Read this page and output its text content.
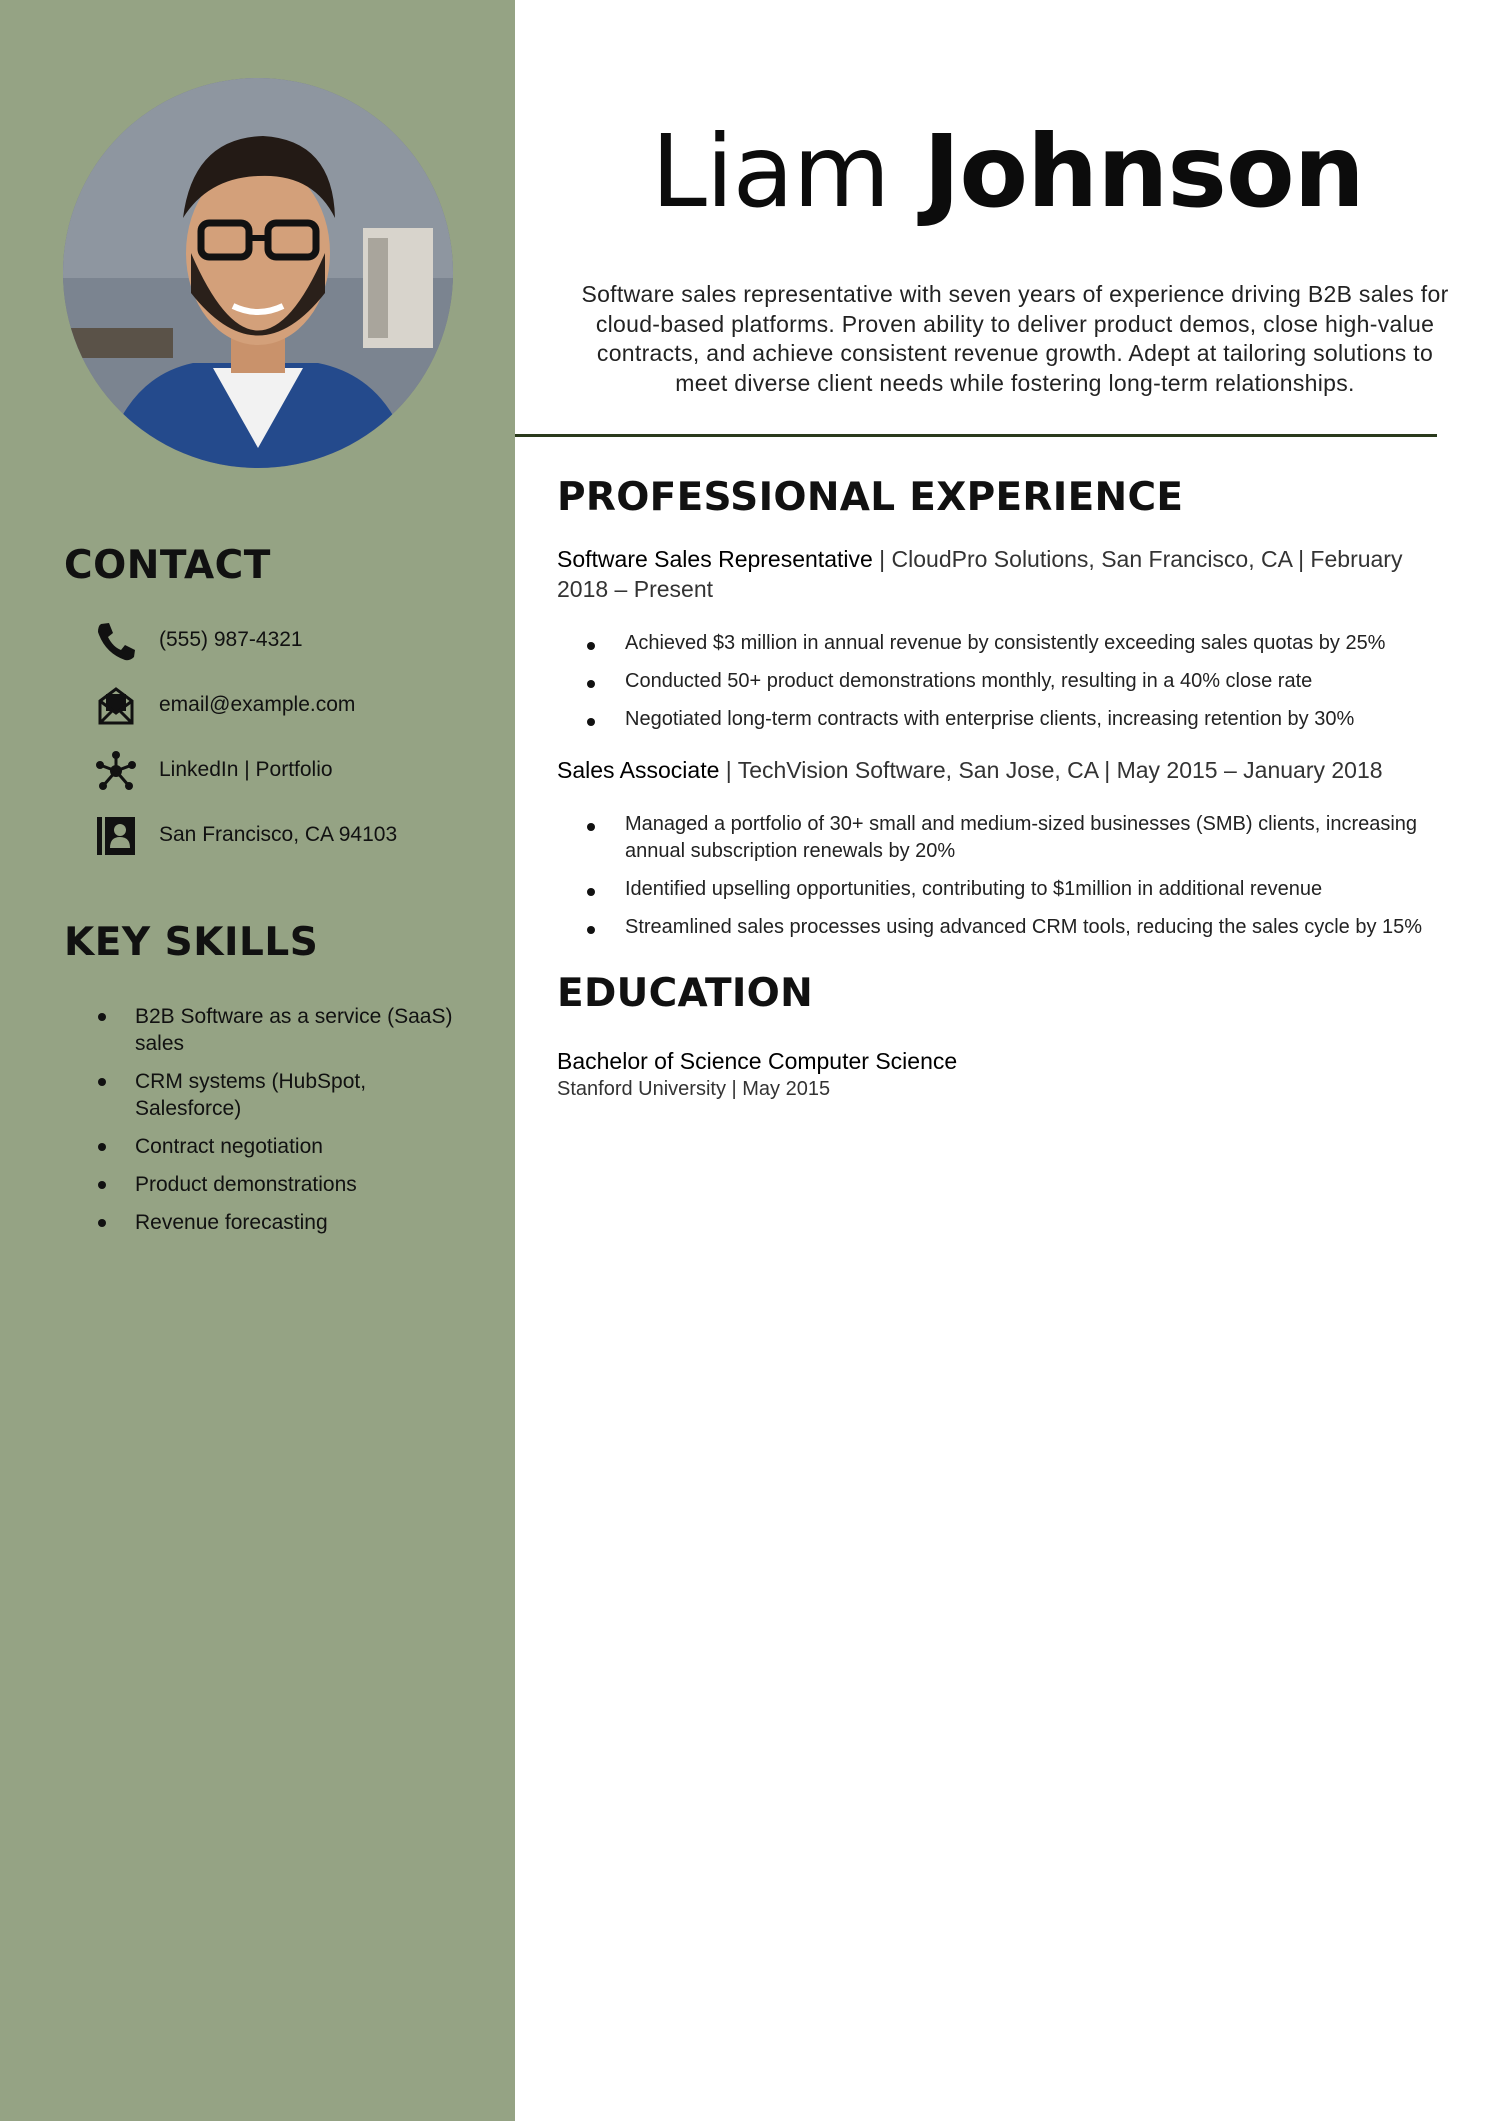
CONTACT
(555) 987-4321
email@example.com
LinkedIn | Portfolio
San Francisco, CA 94103
KEY SKILLS
B2B Software as a service (SaaS) sales
CRM systems (HubSpot, Salesforce)
Contract negotiation
Product demonstrations
Revenue forecasting
Liam Johnson

Software sales representative with seven years of experience driving B2B sales for cloud-based platforms. Proven ability to deliver product demos, close high-value contracts, and achieve consistent revenue growth. Adept at tailoring solutions to meet diverse client needs while fostering long-term relationships.

PROFESSIONAL EXPERIENCE

Software Sales Representative | CloudPro Solutions, San Francisco, CA | February 2018 – Present

Achieved $3 million in annual revenue by consistently exceeding sales quotas by 25%
Conducted 50+ product demonstrations monthly, resulting in a 40% close rate
Negotiated long-term contracts with enterprise clients, increasing retention by 30%

Sales Associate | TechVision Software, San Jose, CA | May 2015 – January 2018

Managed a portfolio of 30+ small and medium-sized businesses (SMB) clients, increasing annual subscription renewals by 20%
Identified upselling opportunities, contributing to $1million in additional revenue
Streamlined sales processes using advanced CRM tools, reducing the sales cycle by 15%
EDUCATION

Bachelor of Science Computer Science

Stanford University | May 2015
